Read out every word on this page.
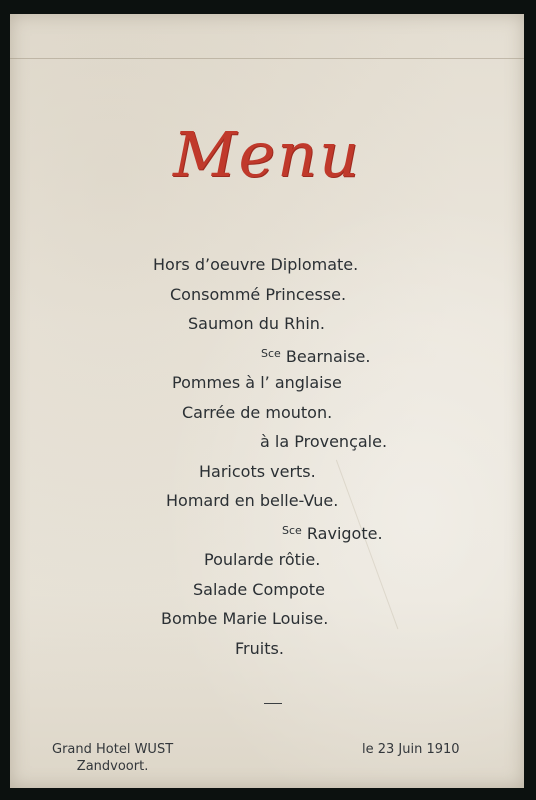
Menu
Hors d’oeuvre Diplomate.
Consommé Princesse.
Saumon du Rhin.
$^{Sce}$ Bearnaise.
Pommes à l’ anglaise
Carrée de mouton.
à la Provençale.
Haricots verts.
Homard en belle-Vue.
$^{Sce}$ Ravigote.
Poularde rôtie.
Salade Compote
Bombe Marie Louise.
Fruits.
Grand Hotel WUST
Zandvoort.
le 23 Juin 1910
